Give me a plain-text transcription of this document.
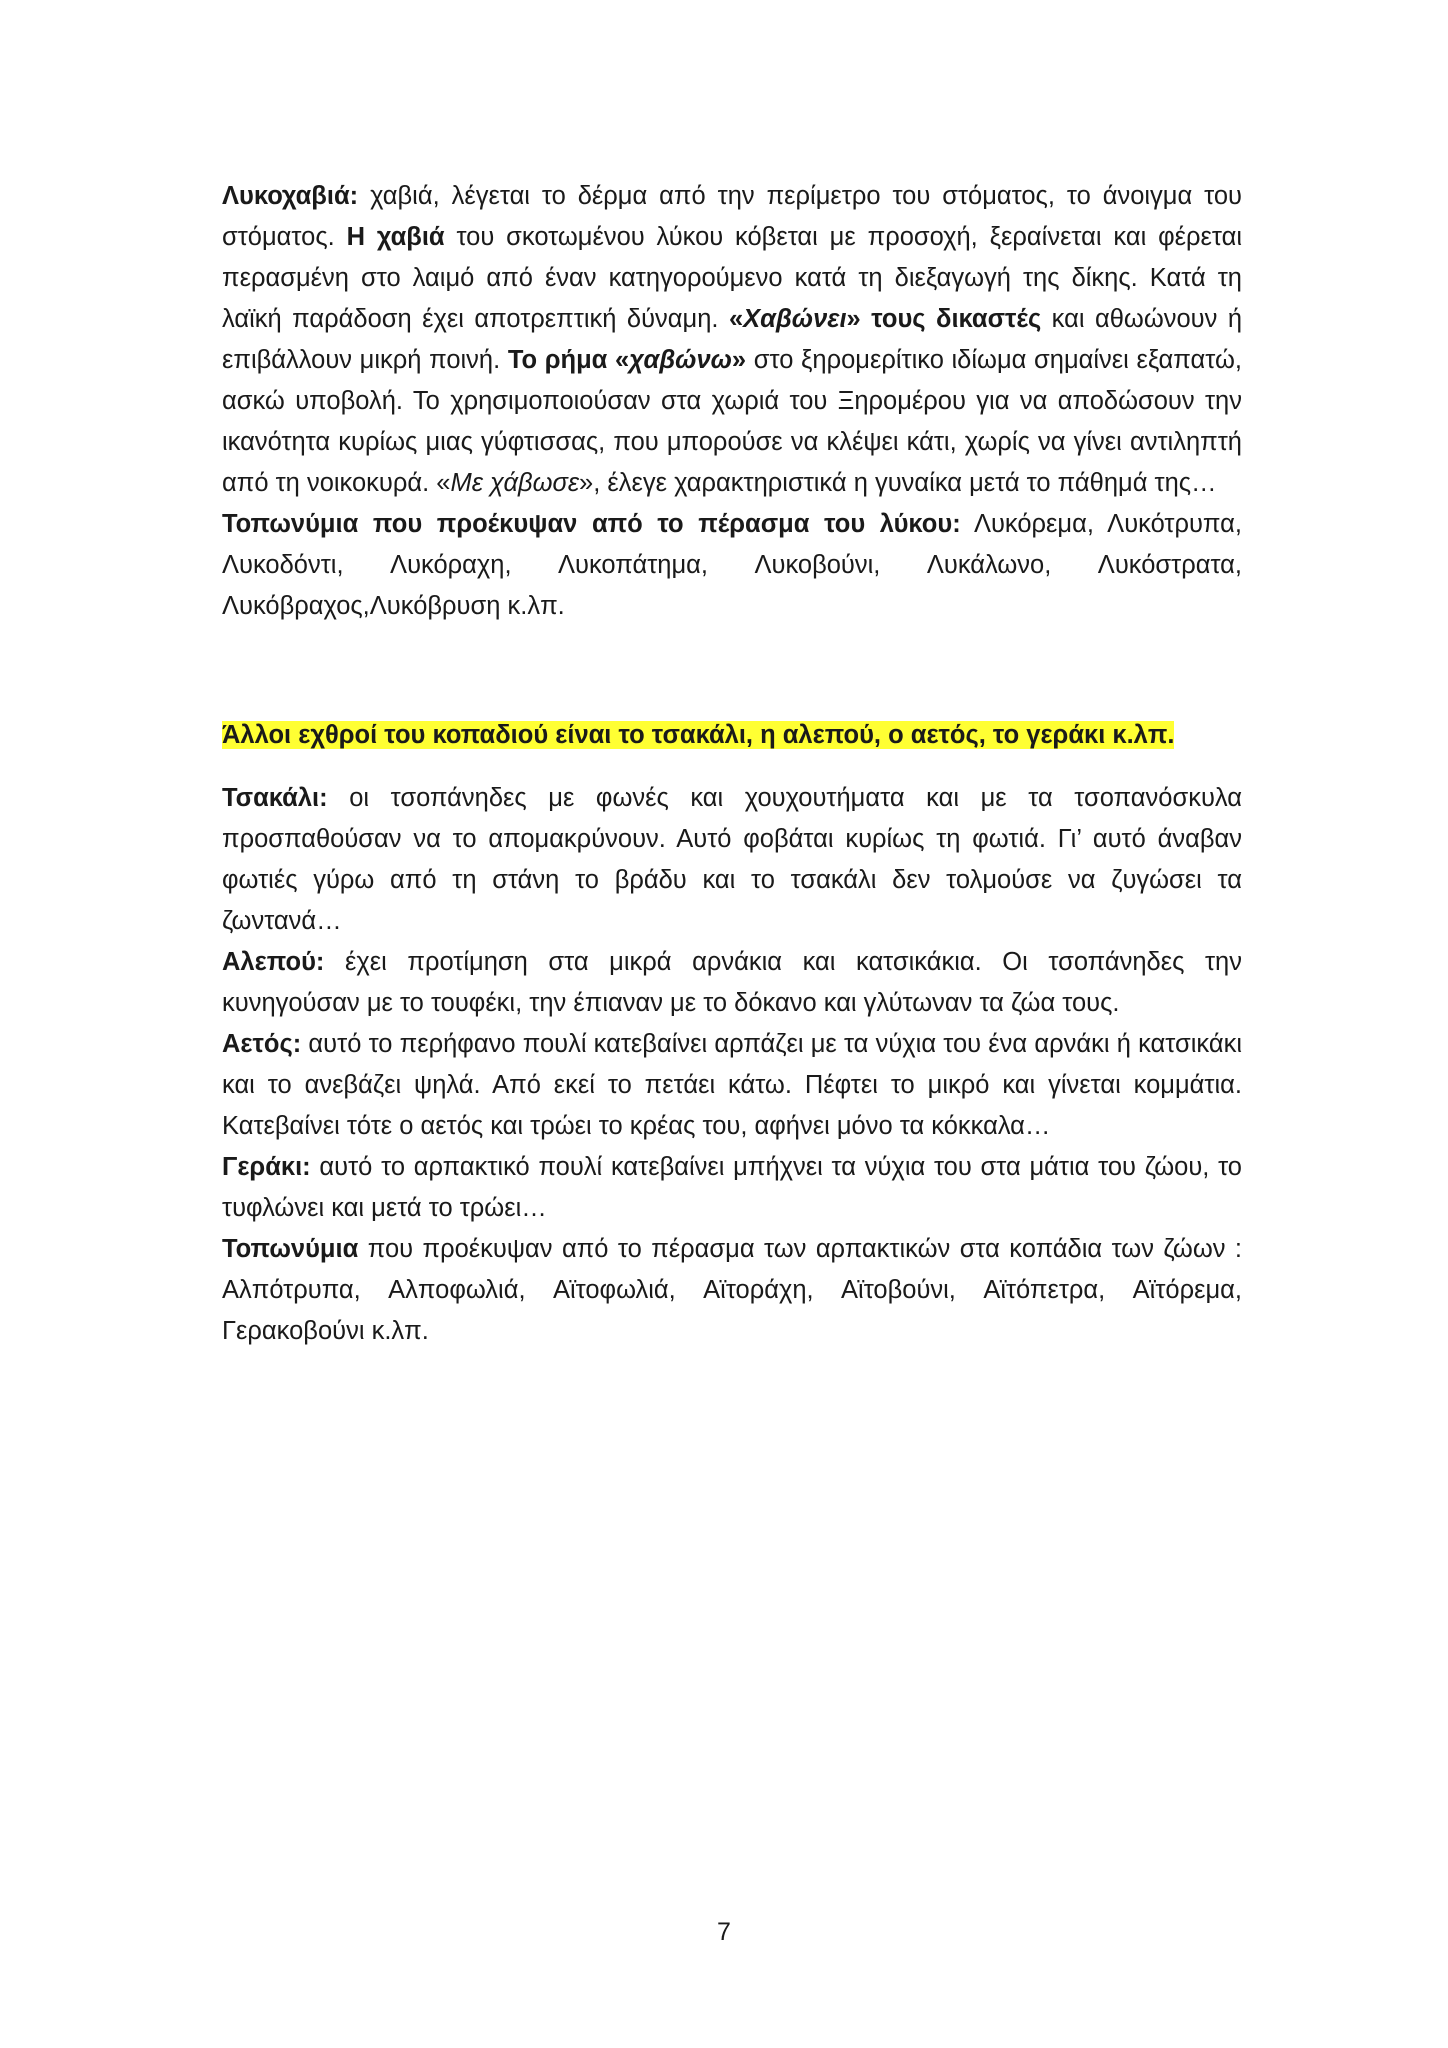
Λυκοχαβιά: χαβιά, λέγεται το δέρμα από την περίμετρο του στόματος, το άνοιγμα του στόματος. Η χαβιά του σκοτωμένου λύκου κόβεται με προσοχή, ξεραίνεται και φέρεται περασμένη στο λαιμό από έναν κατηγορούμενο κατά τη διεξαγωγή της δίκης. Κατά τη λαϊκή παράδοση έχει αποτρεπτική δύναμη. «Χαβώνει» τους δικαστές και αθωώνουν ή επιβάλλουν μικρή ποινή. Το ρήμα «χαβώνω» στο ξηρομερίτικο ιδίωμα σημαίνει εξαπατώ, ασκώ υποβολή. Το χρησιμοποιούσαν στα χωριά του Ξηρομέρου για να αποδώσουν την ικανότητα κυρίως μιας γύφτισσας, που μπορούσε να κλέψει κάτι, χωρίς να γίνει αντιληπτή από τη νοικοκυρά. «Με χάβωσε», έλεγε χαρακτηριστικά η γυναίκα μετά το πάθημά της…

Τοπωνύμια που προέκυψαν από το πέρασμα του λύκου: Λυκόρεμα, Λυκότρυπα, Λυκοδόντι, Λυκόραχη, Λυκοπάτημα, Λυκοβούνι, Λυκάλωνο, Λυκόστρατα, Λυκόβραχος,Λυκόβρυση κ.λπ.

Άλλοι εχθροί του κοπαδιού είναι το τσακάλι, η αλεπού, ο αετός, το γεράκι κ.λπ.

Τσακάλι: οι τσοπάνηδες με φωνές και χουχουτήματα και με τα τσοπανόσκυλα προσπαθούσαν να το απομακρύνουν. Αυτό φοβάται κυρίως τη φωτιά. Γι’ αυτό άναβαν φωτιές γύρω από τη στάνη το βράδυ και το τσακάλι δεν τολμούσε να ζυγώσει τα ζωντανά…

Αλεπού: έχει προτίμηση στα μικρά αρνάκια και κατσικάκια. Οι τσοπάνηδες την κυνηγούσαν με το τουφέκι, την έπιαναν με το δόκανο και γλύτωναν τα ζώα τους.

Αετός: αυτό το περήφανο πουλί κατεβαίνει αρπάζει με τα νύχια του ένα αρνάκι ή κατσικάκι και το ανεβάζει ψηλά. Από εκεί το πετάει κάτω. Πέφτει το μικρό και γίνεται κομμάτια. Κατεβαίνει τότε ο αετός και τρώει το κρέας του, αφήνει μόνο τα κόκκαλα…

Γεράκι: αυτό το αρπακτικό πουλί κατεβαίνει μπήχνει τα νύχια του στα μάτια του ζώου, το τυφλώνει και μετά το τρώει…

Τοπωνύμια που προέκυψαν από το πέρασμα των αρπακτικών στα κοπάδια των ζώων : Αλπότρυπα, Αλποφωλιά, Αϊτοφωλιά, Αϊτοράχη, Αϊτοβούνι, Αϊτόπετρα, Αϊτόρεμα, Γερακοβούνι κ.λπ.

7
